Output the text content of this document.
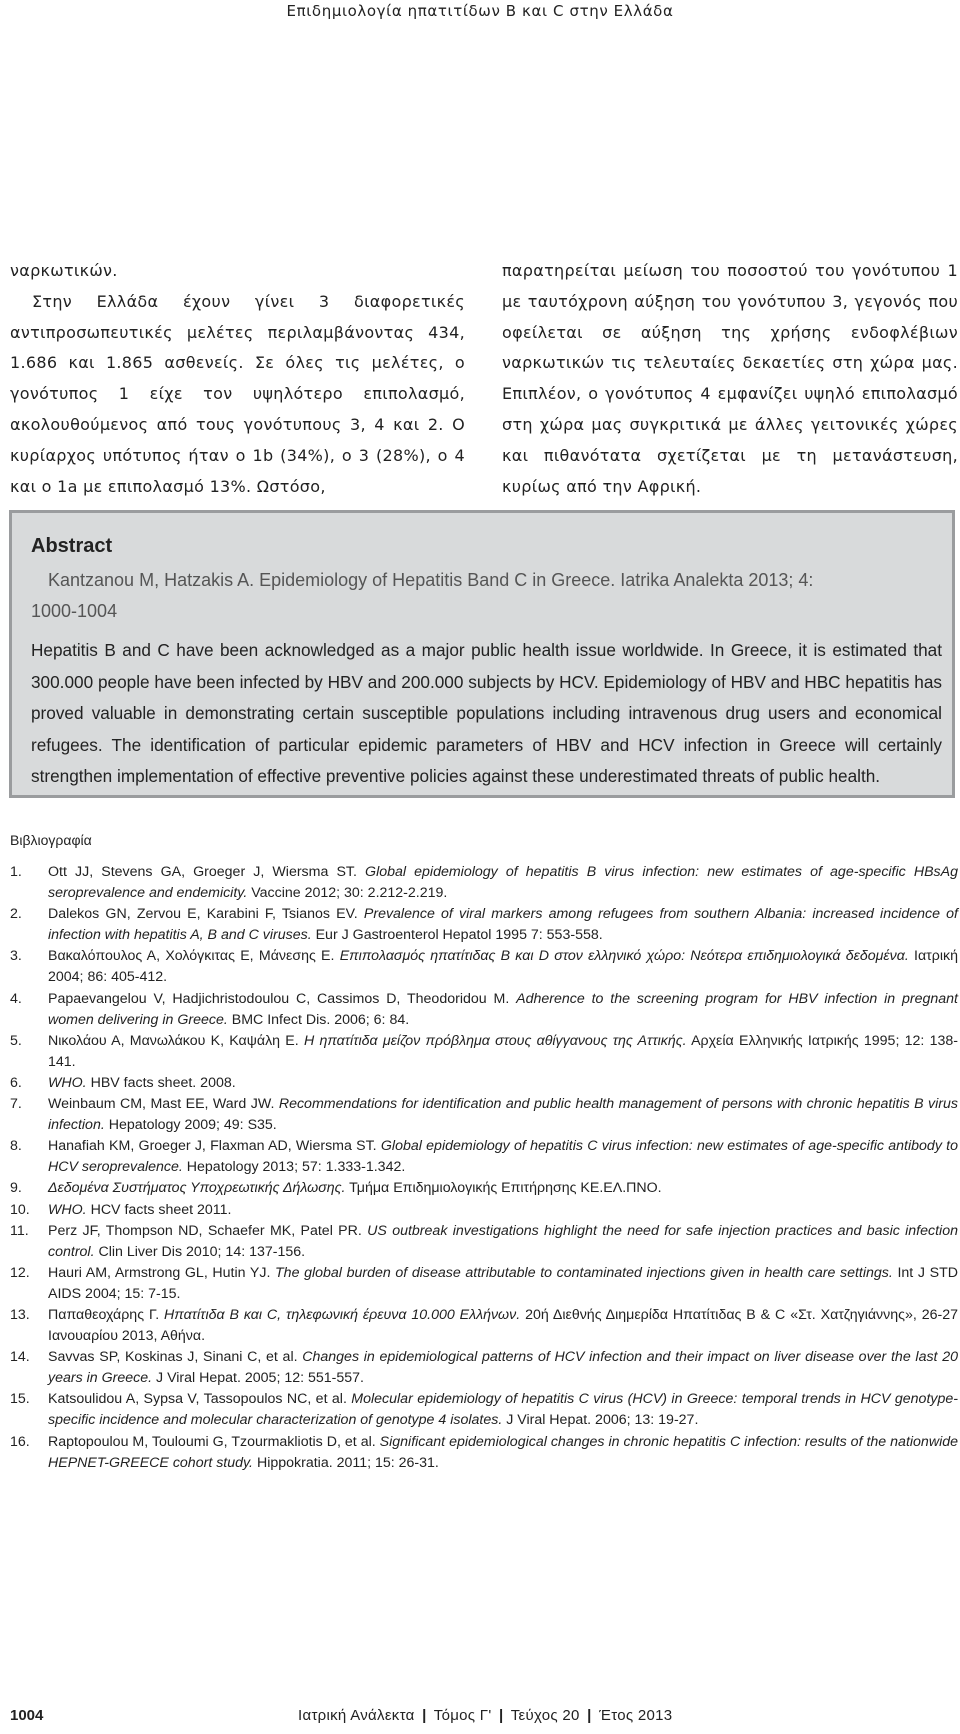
Επιδημιολογία ηπατιτίδων Β και C στην Ελλάδα

ναρκωτικών.

Στην Ελλάδα έχουν γίνει 3 διαφορετικές αντιπροσωπευτικές μελέτες περιλαμβάνοντας 434, 1.686 και 1.865 ασθενείς. Σε όλες τις μελέτες, ο γονότυπος 1 είχε τον υψηλότερο επιπολασμό, ακολουθούμενος από τους γονότυπους 3, 4 και 2. Ο κυρίαρχος υπότυπος ήταν ο 1b (34%), ο 3 (28%), ο 4 και ο 1a με επιπολασμό 13%. Ωστόσο,

παρατηρείται μείωση του ποσοστού του γονότυπου 1 με ταυτόχρονη αύξηση του γονότυπου 3, γεγονός που οφείλεται σε αύξηση της χρήσης ενδοφλέβιων ναρκωτικών τις τελευταίες δεκαετίες στη χώρα μας. Επιπλέον, ο γονότυπος 4 εμφανίζει υψηλό επιπολασμό στη χώρα μας συγκριτικά με άλλες γειτονικές χώρες και πιθανότατα σχετίζεται με τη μετανάστευση, κυρίως από την Αφρική.

Abstract
Kantzanou M, Hatzakis A. Epidemiology of Hepatitis Band C in Greece. Iatrika Analekta 2013; 4:
1000-1004
Hepatitis B and C have been acknowledged as a major public health issue worldwide. In Greece, it is estimated that 300.000 people have been infected by HBV and 200.000 subjects by HCV. Epidemiology of HBV and HBC hepatitis has proved valuable in demonstrating certain susceptible populations including intravenous drug users and economical refugees. The identification of particular epidemic parameters of HBV and HCV infection in Greece will certainly strengthen implementation of effective preventive policies against these underestimated threats of public health.
Βιβλιογραφία
1. Ott JJ, Stevens GA, Groeger J, Wiersma ST. Global epidemiology of hepatitis B virus infection: new estimates of age-specific HBsAg seroprevalence and endemicity. Vaccine 2012; 30: 2.212-2.219.
2. Dalekos GN, Zervou E, Karabini F, Tsianos EV. Prevalence of viral markers among refugees from southern Albania: increased incidence of infection with hepatitis A, B and C viruses. Eur J Gastroenterol Hepatol 1995 7: 553-558.
3. Βακαλόπουλος Α, Χολόγκιτας Ε, Μάνεσης Ε. Επιπολασμός ηπατίτιδας Β και D στον ελληνικό χώρο: Νεότερα επιδημιολογικά δεδομένα. Ιατρική 2004; 86: 405-412.
4. Papaevangelou V, Hadjichristodoulou C, Cassimos D, Theodoridou M. Adherence to the screening program for HBV infection in pregnant women delivering in Greece. BMC Infect Dis. 2006; 6: 84.
5. Νικολάου Α, Μανωλάκου Κ, Καψάλη Ε. Η ηπατίτιδα μείζον πρόβλημα στους αθίγγανους της Αττικής. Αρχεία Ελληνικής Ιατρικής 1995; 12: 138-141.
6. WHO. HBV facts sheet. 2008.
7. Weinbaum CM, Mast EE, Ward JW. Recommendations for identification and public health management of persons with chronic hepatitis B virus infection. Hepatology 2009; 49: S35.
8. Hanafiah KM, Groeger J, Flaxman AD, Wiersma ST. Global epidemiology of hepatitis C virus infection: new estimates of age-specific antibody to HCV seroprevalence. Hepatology 2013; 57: 1.333-1.342.
9. Δεδομένα Συστήματος Υποχρεωτικής Δήλωσης. Τμήμα Επιδημιολογικής Επιτήρησης ΚΕ.ΕΛ.ΠΝΟ.
10. WHO. HCV facts sheet 2011.
11. Perz JF, Thompson ND, Schaefer MK, Patel PR. US outbreak investigations highlight the need for safe injection practices and basic infection control. Clin Liver Dis 2010; 14: 137-156.
12. Hauri AM, Armstrong GL, Hutin YJ. The global burden of disease attributable to contaminated injections given in health care settings. Int J STD AIDS 2004; 15: 7-15.
13. Παπαθεοχάρης Γ. Ηπατίτιδα Β και C, τηλεφωνική έρευνα 10.000 Ελλήνων. 20ή Διεθνής Διημερίδα Ηπατίτιδας Β & C «Στ. Χατζηγιάννης», 26-27 Ιανουαρίου 2013, Αθήνα.
14. Savvas SP, Koskinas J, Sinani C, et al. Changes in epidemiological patterns of HCV infection and their impact on liver disease over the last 20 years in Greece. J Viral Hepat. 2005; 12: 551-557.
15. Katsoulidou A, Sypsa V, Tassopoulos NC, et al. Molecular epidemiology of hepatitis C virus (HCV) in Greece: temporal trends in HCV genotype-specific incidence and molecular characterization of genotype 4 isolates. J Viral Hepat. 2006; 13: 19-27.
16. Raptopoulou M, Touloumi G, Tzourmakliotis D, et al. Significant epidemiological changes in chronic hepatitis C infection: results of the nationwide HEPNET-GREECE cohort study. Hippokratia. 2011; 15: 26-31.
1004	Ιατρική Ανάλεκτα | Τόμος Γ' | Τεύχος 20 | Έτος 2013
